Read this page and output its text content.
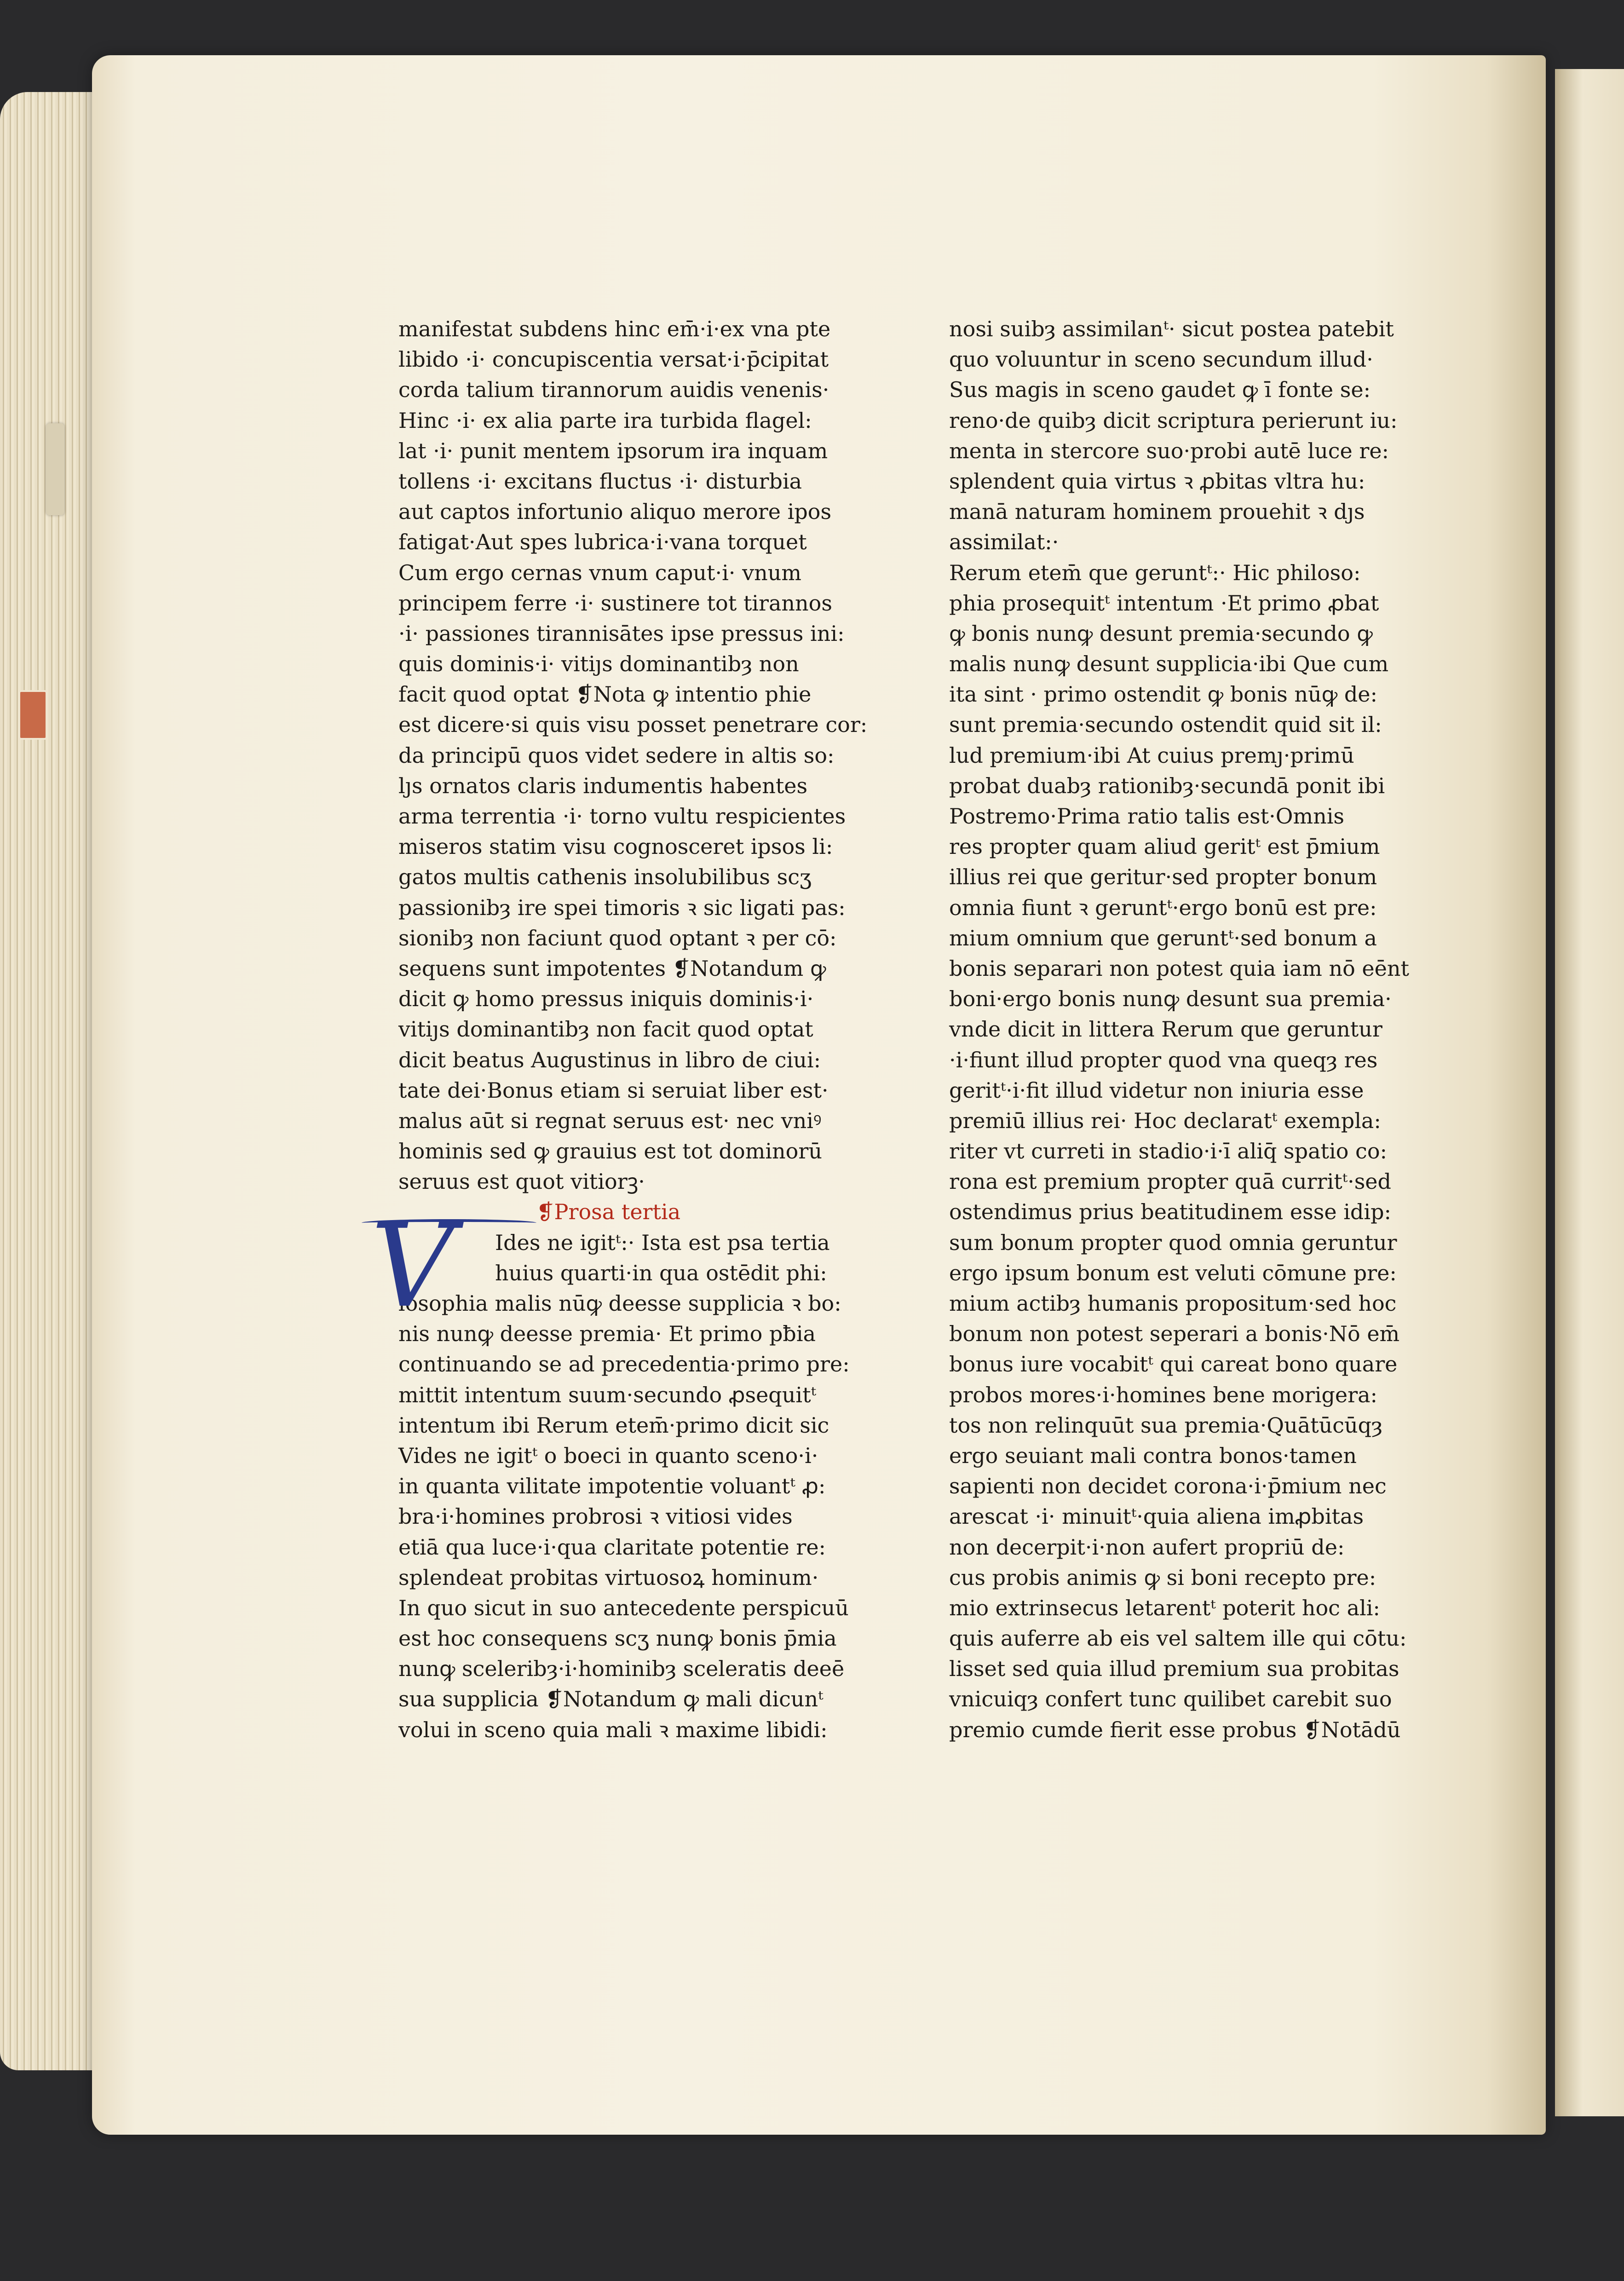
V
manifestat subdens hinc em̄·i·ex vna pte
libido ·i· concupiscentia versat·i·p̄cipitat
corda talium tirannorum auidis venenis·
Hinc ·i· ex alia parte ira turbida flagel:
lat ·i· punit mentem ipsorum ira inquam
tollens ·i· excitans fluctus ·i· disturbia
aut captos infortunio aliquo merore ipos
fatigat·Aut spes lubrica·i·vana torquet
Cum ergo cernas vnum caput·i· vnum
principem ferre ·i· sustinere tot tirannos
·i· passiones tirannisātes ipse pressus ini:
quis dominis·i· vitiȷs dominantibȝ non
facit quod optat ❡Nota ꝙ intentio phie
est dicere·si quis visu posset penetrare cor:
da principū quos videt sedere in altis so:
lȷs ornatos claris indumentis habentes
arma terrentia ·i· torno vultu respicientes
miseros statim visu cognosceret ipsos li:
gatos multis cathenis insolubilibus scʒ
passionibȝ ire spei timoris ꝛ sic ligati pas:
sionibȝ non faciunt quod optant ꝛ per cō:
sequens sunt impotentes ❡Notandum ꝙ
dicit ꝙ homo pressus iniquis dominis·i·
vitiȷs dominantibȝ non facit quod optat
dicit beatus Augustinus in libro de ciui:
tate dei·Bonus etiam si seruiat liber est·
malus aūt si regnat seruus est· nec vniꝰ
hominis sed ꝙ grauius est tot dominorū
seruus est quot vitiorꝫ·
❡Prosa tertia
Ides ne igitᵗ:· Ista est psa tertia
huius quarti·in qua ostēdit phi:
losophia malis nūꝙ deesse supplicia ꝛ bo:
nis nunꝙ deesse premia· Et primo pƀia
continuando se ad precedentia·primo pre:
mittit intentum suum·secundo ꝓsequitᵗ
intentum ibi Rerum etem̄·primo dicit sic
Vides ne igitᵗ o boeci in quanto sceno·i·
in quanta vilitate impotentie voluantᵗ ꝓ:
bra·i·homines probrosi ꝛ vitiosi vides
etiā qua luce·i·qua claritate potentie re:
splendeat probitas virtuosoꝝ hominum·
In quo sicut in suo antecedente perspicuū
est hoc consequens scʒ nunꝙ bonis p̄mia
nunꝙ sceleribȝ·i·hominibȝ sceleratis deeē
sua supplicia ❡Notandum ꝙ mali dicunᵗ
volui in sceno quia mali ꝛ maxime libidi:
nosi suibȝ assimilanᵗ· sicut postea patebit
quo voluuntur in sceno secundum illud·
Sus magis in sceno gaudet ꝙ ī fonte se:
reno·de quibȝ dicit scriptura perierunt iu:
menta in stercore suo·probi autē luce re:
splendent quia virtus ꝛ ꝓbitas vltra hu:
manā naturam hominem prouehit ꝛ dȷs
assimilat:·
Rerum etem̄ que geruntᵗ:· Hic philoso:
phia prosequitᵗ intentum ·Et primo ꝓbat
ꝙ bonis nunꝙ desunt premia·secundo ꝙ
malis nunꝙ desunt supplicia·ibi Que cum
ita sint · primo ostendit ꝙ bonis nūꝙ de:
sunt premia·secundo ostendit quid sit il:
lud premium·ibi At cuius premȷ·primū
probat duabȝ rationibȝ·secundā ponit ibi
Postremo·Prima ratio talis est·Omnis
res propter quam aliud geritᵗ est p̄mium
illius rei que geritur·sed propter bonum
omnia fiunt ꝛ geruntᵗ·ergo bonū est pre:
mium omnium que geruntᵗ·sed bonum a
bonis separari non potest quia iam nō eēnt
boni·ergo bonis nunꝙ desunt sua premia·
vnde dicit in littera Rerum que geruntur
·i·fiunt illud propter quod vna queqȝ res
geritᵗ·i·fit illud videtur non iniuria esse
premiū illius rei· Hoc declaratᵗ exempla:
riter vt curreti in stadio·i·ī aliq̄ spatio co:
rona est premium propter quā curritᵗ·sed
ostendimus prius beatitudinem esse idip:
sum bonum propter quod omnia geruntur
ergo ipsum bonum est veluti cōmune pre:
mium actibȝ humanis propositum·sed hoc
bonum non potest seperari a bonis·Nō em̄
bonus iure vocabitᵗ qui careat bono quare
probos mores·i·homines bene morigera:
tos non relinquūt sua premia·Quātūcūqȝ
ergo seuiant mali contra bonos·tamen
sapienti non decidet corona·i·p̄mium nec
arescat ·i· minuitᵗ·quia aliena imꝓbitas
non decerpit·i·non aufert propriū de:
cus probis animis ꝙ si boni recepto pre:
mio extrinsecus letarentᵗ poterit hoc ali:
quis auferre ab eis vel saltem ille qui cōtu:
lisset sed quia illud premium sua probitas
vnicuiqȝ confert tunc quilibet carebit suo
premio cumde fierit esse probus ❡Notādū
